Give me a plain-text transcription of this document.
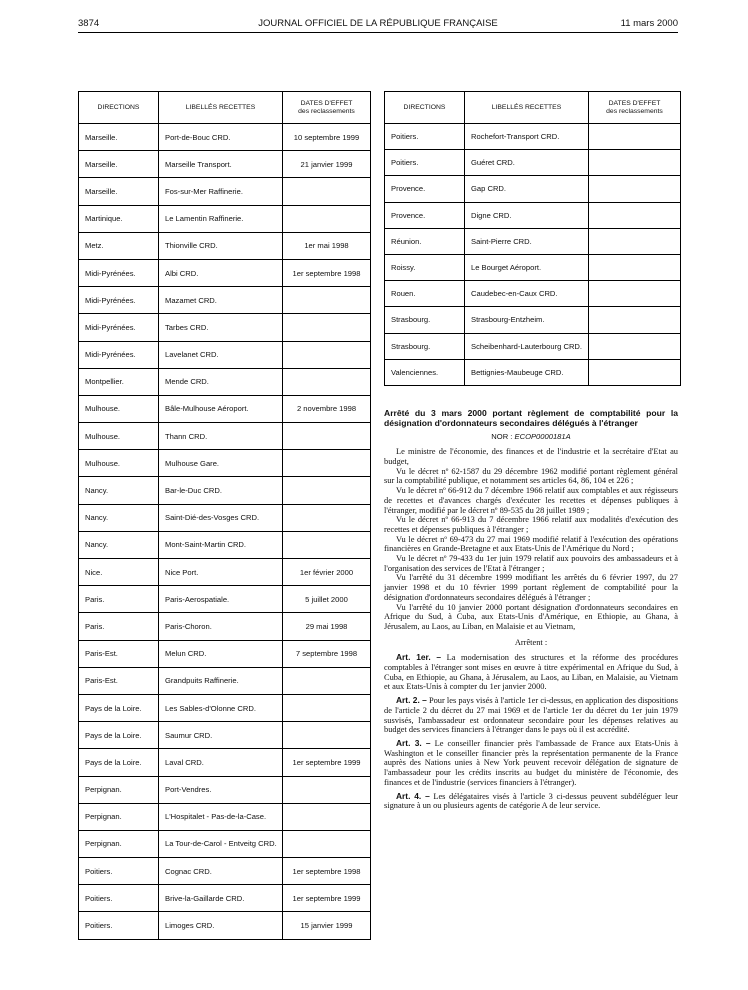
3874	JOURNAL OFFICIEL DE LA RÉPUBLIQUE FRANÇAISE	11 mars 2000
DIRECTIONS	LIBELLÉS RECETTES	DATES D'EFFET
des reclassements
Marseille.	Port-de-Bouc CRD.	10 septembre 1999
Marseille.	Marseille Transport.	21 janvier 1999
Marseille.	Fos-sur-Mer Raffinerie.	
Martinique.	Le Lamentin Raffinerie.	
Metz.	Thionville CRD.	1er mai 1998
Midi-Pyrénées.	Albi CRD.	1er septembre 1998
Midi-Pyrénées.	Mazamet CRD.	
Midi-Pyrénées.	Tarbes CRD.	
Midi-Pyrénées.	Lavelanet CRD.	
Montpellier.	Mende CRD.	
Mulhouse.	Bâle-Mulhouse Aéroport.	2 novembre 1998
Mulhouse.	Thann CRD.	
Mulhouse.	Mulhouse Gare.	
Nancy.	Bar-le-Duc CRD.	
Nancy.	Saint-Dié-des-Vosges CRD.	
Nancy.	Mont-Saint-Martin CRD.	
Nice.	Nice Port.	1er février 2000
Paris.	Paris-Aerospatiale.	5 juillet 2000
Paris.	Paris-Choron.	29 mai 1998
Paris-Est.	Melun CRD.	7 septembre 1998
Paris-Est.	Grandpuits Raffinerie.	
Pays de la Loire.	Les Sables-d'Olonne CRD.	
Pays de la Loire.	Saumur CRD.	
Pays de la Loire.	Laval CRD.	1er septembre 1999
Perpignan.	Port-Vendres.	
Perpignan.	L'Hospitalet - Pas-de-la-Case.	
Perpignan.	La Tour-de-Carol - Entveitg CRD.	
Poitiers.	Cognac CRD.	1er septembre 1998
Poitiers.	Brive-la-Gaillarde CRD.	1er septembre 1999
Poitiers.	Limoges CRD.	15 janvier 1999
DIRECTIONS	LIBELLÉS RECETTES	DATES D'EFFET
des reclassements
Poitiers.	Rochefort-Transport CRD.	
Poitiers.	Guéret CRD.	
Provence.	Gap CRD.	
Provence.	Digne CRD.	
Réunion.	Saint-Pierre CRD.	
Roissy.	Le Bourget Aéroport.	
Rouen.	Caudebec-en-Caux CRD.	
Strasbourg.	Strasbourg-Entzheim.	
Strasbourg.	Scheibenhard-Lauterbourg CRD.	
Valenciennes.	Bettignies-Maubeuge CRD.	
Arrêté du 3 mars 2000 portant règlement de comptabilité pour la désignation d'ordonnateurs secondaires délégués à l'étranger
NOR : ECOP0000181A

Le ministre de l'économie, des finances et de l'industrie et la secrétaire d'Etat au budget,

Vu le décret nº 62-1587 du 29 décembre 1962 modifié portant règlement général sur la comptabilité publique, et notamment ses articles 64, 86, 104 et 226 ;

Vu le décret nº 66-912 du 7 décembre 1966 relatif aux comptables et aux régisseurs de recettes et d'avances chargés d'exécuter les recettes et dépenses publiques à l'étranger, modifié par le décret nº 89-535 du 28 juillet 1989 ;

Vu le décret nº 66-913 du 7 décembre 1966 relatif aux modalités d'exécution des recettes et dépenses publiques à l'étranger ;

Vu le décret nº 69-473 du 27 mai 1969 modifié relatif à l'exécution des opérations financières en Grande-Bretagne et aux Etats-Unis de l'Amérique du Nord ;

Vu le décret nº 79-433 du 1er juin 1979 relatif aux pouvoirs des ambassadeurs et à l'organisation des services de l'Etat à l'étranger ;

Vu l'arrêté du 31 décembre 1999 modifiant les arrêtés du 6 février 1997, du 27 janvier 1998 et du 10 février 1999 portant règlement de comptabilité pour la désignation d'ordonnateurs secondaires délégués à l'étranger ;

Vu l'arrêté du 10 janvier 2000 portant désignation d'ordonnateurs secondaires en Afrique du Sud, à Cuba, aux Etats-Unis d'Amérique, en Ethiopie, au Ghana, à Jérusalem, au Laos, au Liban, en Malaisie et au Vietnam,

Arrêtent :

Art. 1er. – La modernisation des structures et la réforme des procédures comptables à l'étranger sont mises en œuvre à titre expérimental en Afrique du Sud, à Cuba, en Ethiopie, au Ghana, à Jérusalem, au Laos, au Liban, en Malaisie, au Vietnam et aux Etats-Unis à compter du 1er janvier 2000.

Art. 2. – Pour les pays visés à l'article 1er ci-dessus, en application des dispositions de l'article 2 du décret du 27 mai 1969 et de l'article 1er du décret du 1er juin 1979 susvisés, l'ambassadeur est ordonnateur secondaire pour les dépenses relatives au budget des services financiers à l'étranger dans le pays où il est accrédité.

Art. 3. – Le conseiller financier près l'ambassade de France aux Etats-Unis à Washington et le conseiller financier près la représentation permanente de la France auprès des Nations unies à New York peuvent recevoir délégation de signature de l'ambassadeur pour les crédits inscrits au budget du ministère de l'économie, des finances et de l'industrie (services financiers à l'étranger).

Art. 4. – Les délégataires visés à l'article 3 ci-dessus peuvent subdéléguer leur signature à un ou plusieurs agents de catégorie A de leur service.
